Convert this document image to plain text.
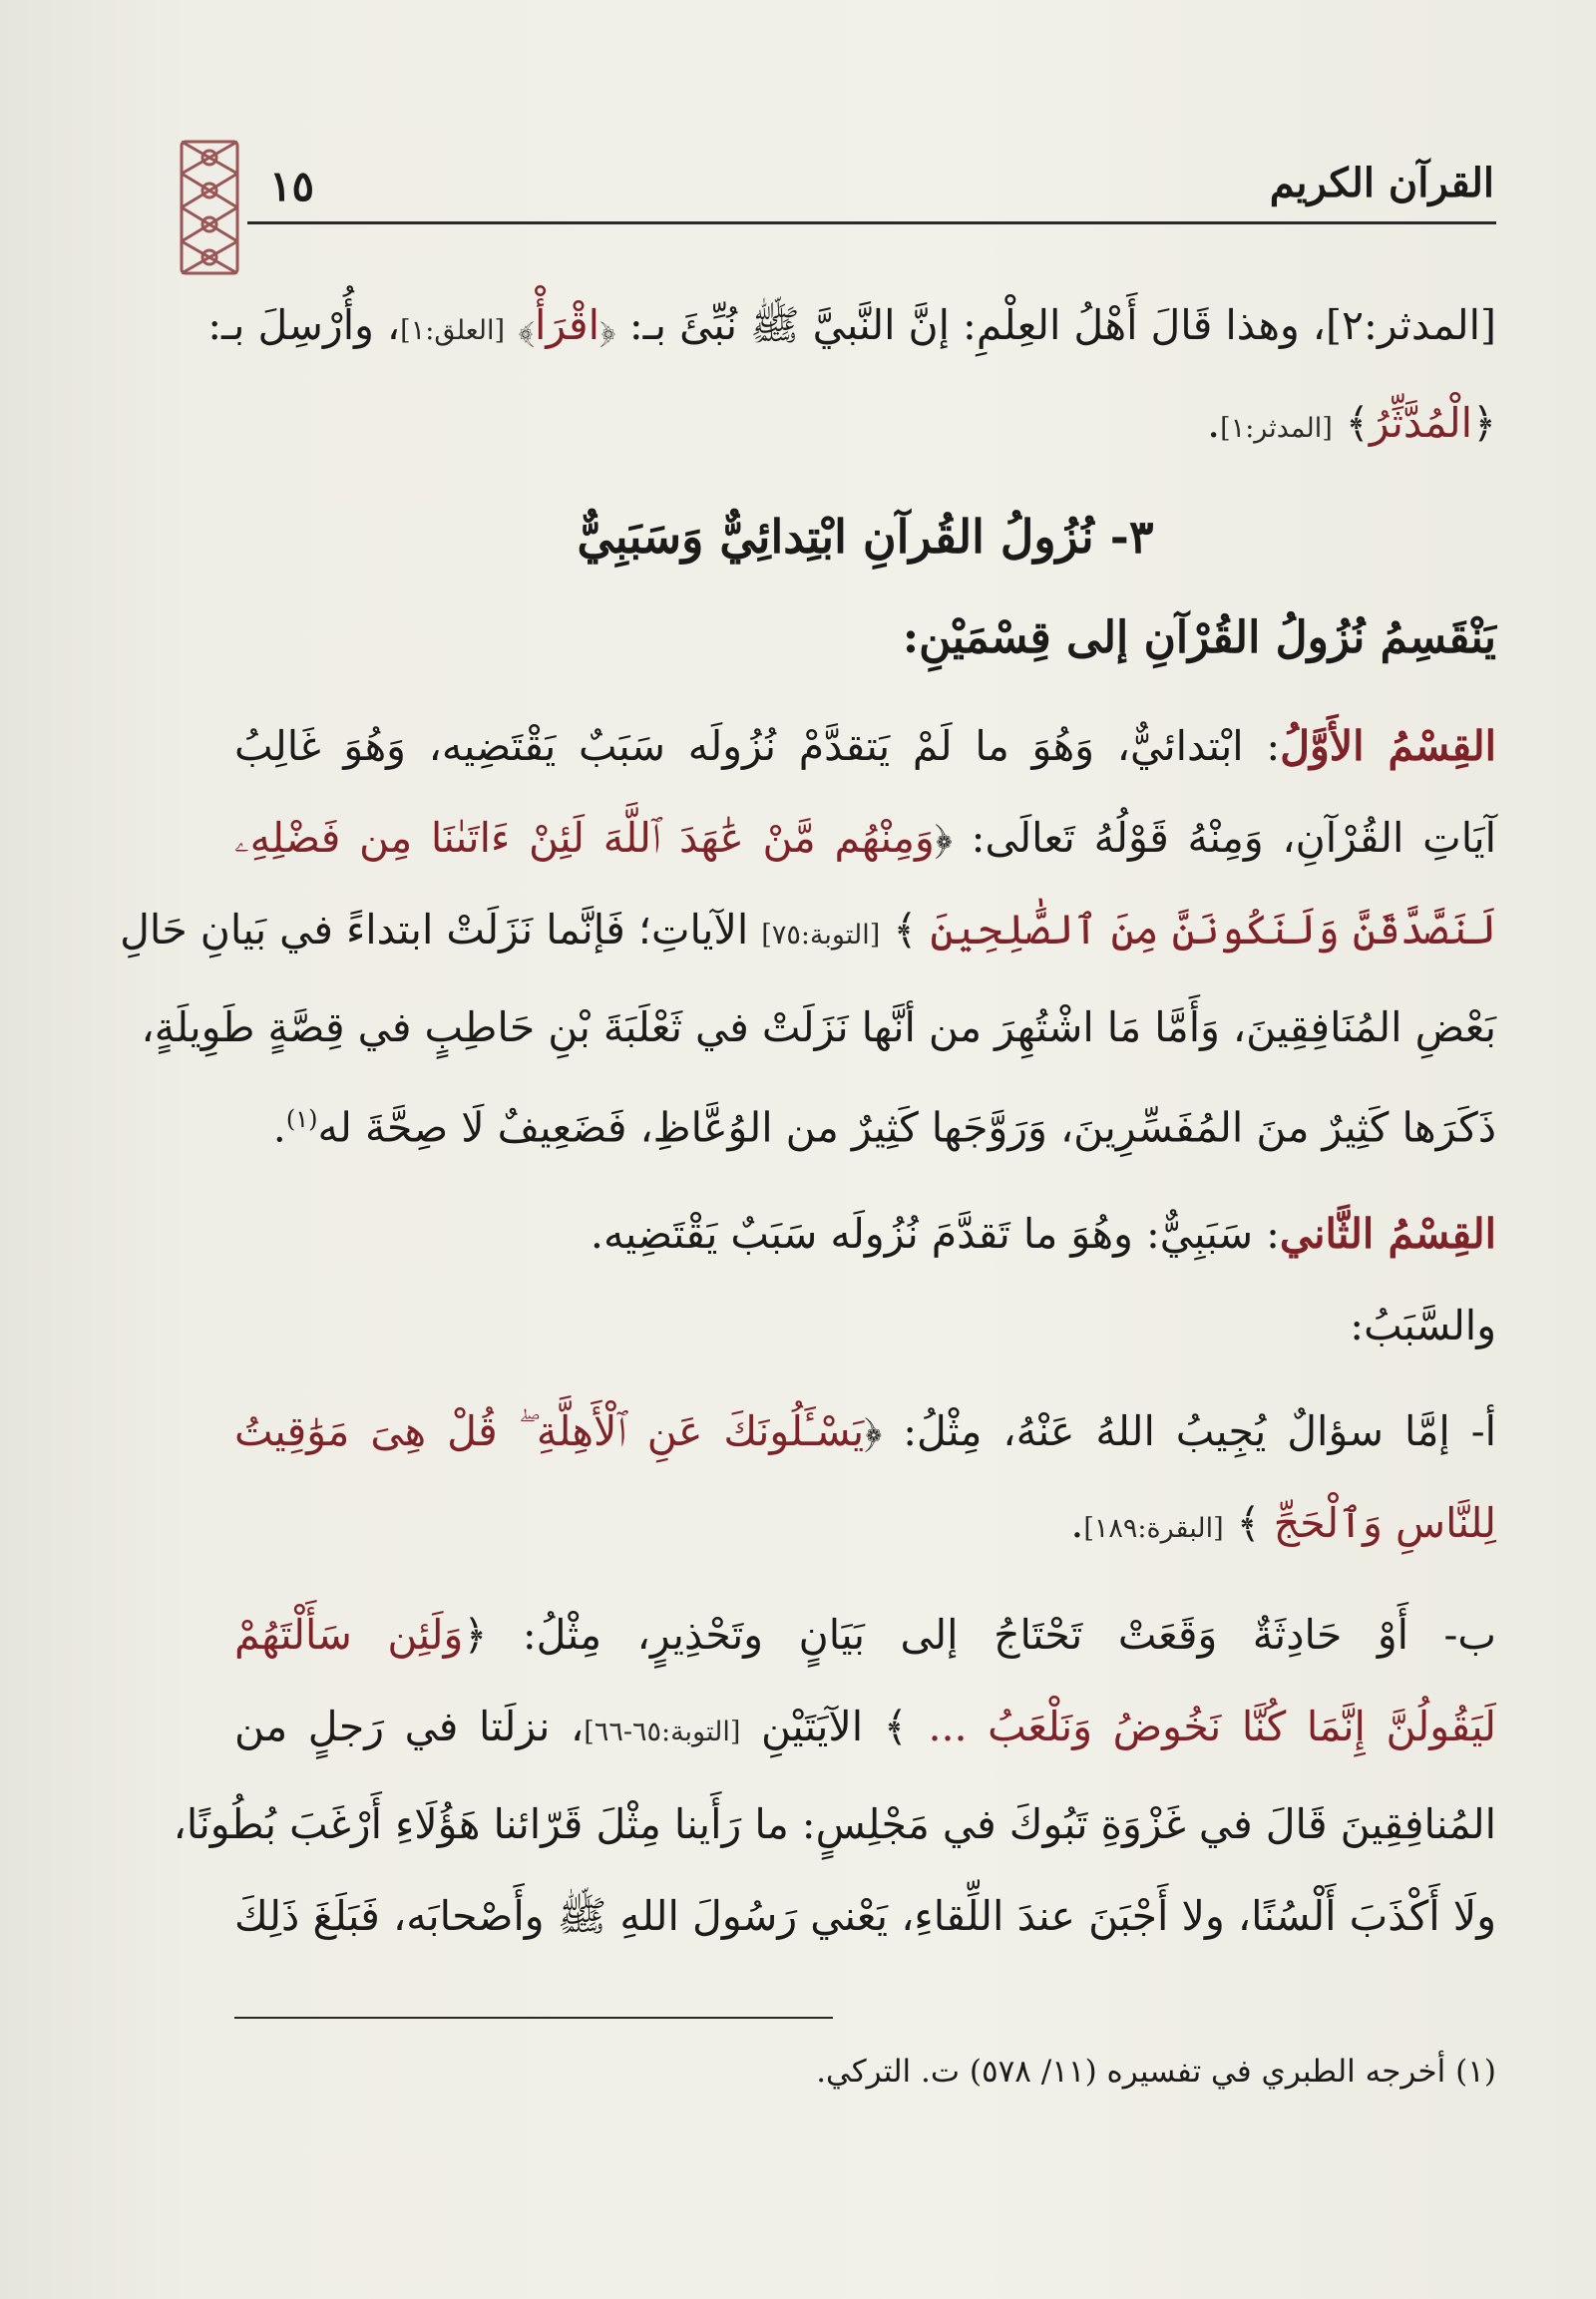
١٥	القرآن الكريم
[المدثر:٢]، وهذا قَالَ أَهْلُ العِلْمِ: إنَّ النَّبيَّ ﷺ نُبِّئَ بـ: ﴿اقْرَأْ﴾ [العلق:١]، وأُرْسِلَ بـ:
﴿الْمُدَّثِّرُ﴾ [المدثر:١].
٣- نُزُولُ القُرآنِ ابْتِدائِيٌّ وَسَبَبِيٌّ
يَنْقَسِمُ نُزُولُ القُرْآنِ إلى قِسْمَيْنِ:
القِسْمُ الأَوَّلُ: ابْتدائيٌّ، وَهُوَ ما لَمْ يَتقدَّمْ نُزُولَه سَبَبٌ يَقْتَضِيه، وَهُوَ غَالِبُ
آيَاتِ القُرْآنِ، وَمِنْهُ قَوْلُهُ تَعالَى: ﴿وَمِنْهُم مَّنْ عَٰهَدَ ٱللَّهَ لَئِنْ ءَاتَىٰنَا مِن فَضْلِهِۦ
لَنَصَّدَّقَنَّ وَلَنَكُونَنَّ مِنَ ٱلصَّٰلِحِينَ ﴾ [التوبة:٧٥] الآياتِ؛ فَإنَّما نَزَلَتْ ابتداءً في بَيانِ حَالِ
بَعْضِ المُنَافِقِينَ، وَأَمَّا مَا اشْتُهِرَ من أنَّها نَزَلَتْ في ثَعْلَبَةَ بْنِ حَاطِبٍ في قِصَّةٍ طَوِيلَةٍ،
ذَكَرَها كَثِيرٌ منَ المُفَسِّرِينَ، وَرَوَّجَها كَثِيرٌ من الوُعَّاظِ، فَضَعِيفٌ لَا صِحَّةَ له$^{(١)}$.
القِسْمُ الثَّاني: سَبَبِيٌّ: وهُوَ ما تَقدَّمَ نُزُولَه سَبَبٌ يَقْتَضِيه.
والسَّبَبُ:
أ- إمَّا سؤالٌ يُجِيبُ اللهُ عَنْهُ، مِثْلُ: ﴿يَسْـَٔلُونَكَ عَنِ ٱلْأَهِلَّةِ ۖ قُلْ هِىَ مَوَٰقِيتُ
لِلنَّاسِ وَٱلْحَجِّ ﴾ [البقرة:١٨٩].
ب- أَوْ حَادِثَةٌ وَقَعَتْ تَحْتَاجُ إلى بَيَانٍ وتَحْذِيرٍ، مِثْلُ: ﴿وَلَئِن سَأَلْتَهُمْ
لَيَقُولُنَّ إِنَّمَا كُنَّا نَخُوضُ وَنَلْعَبُ ... ﴾ الآيَتَيْنِ [التوبة:٦٥-٦٦]، نزلَتا في رَجلٍ من
المُنافِقِينَ قَالَ في غَزْوَةِ تَبُوكَ في مَجْلِسٍ: ما رَأَينا مِثْلَ قَرّائنا هَؤُلَاءِ أَرْغَبَ بُطُونًا،
ولَا أَكْذَبَ أَلْسُنًا، ولا أَجْبَنَ عندَ اللِّقاءِ، يَعْني رَسُولَ اللهِ ﷺ وأَصْحابَه، فَبَلَغَ ذَلِكَ
(١) أخرجه الطبري في تفسيره (١١/ ٥٧٨) ت. التركي.
